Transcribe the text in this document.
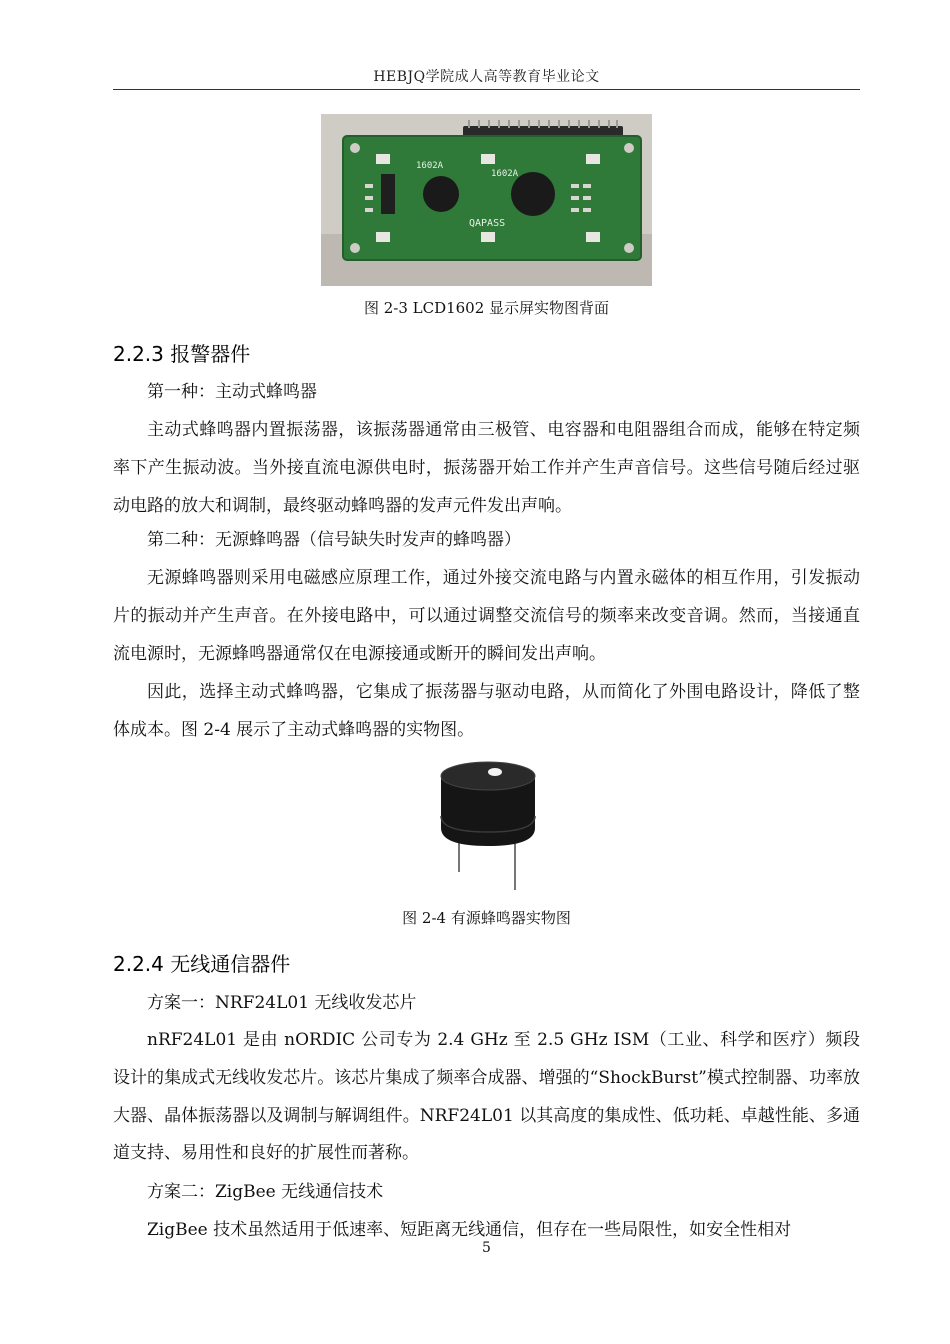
HEBJQ学院成人高等教育毕业论文
1602A
1602A
QAPASS
图 2-3 LCD1602 显示屏实物图背面
2.2.3 报警器件

第一种：主动式蜂鸣器

主动式蜂鸣器内置振荡器，该振荡器通常由三极管、电容器和电阻器组合而成，能够在特定频率下产生振动波。当外接直流电源供电时，振荡器开始工作并产生声音信号。这些信号随后经过驱动电路的放大和调制，最终驱动蜂鸣器的发声元件发出声响。

第二种：无源蜂鸣器（信号缺失时发声的蜂鸣器）

无源蜂鸣器则采用电磁感应原理工作，通过外接交流电路与内置永磁体的相互作用，引发振动片的振动并产生声音。在外接电路中，可以通过调整交流信号的频率来改变音调。然而，当接通直流电源时，无源蜂鸣器通常仅在电源接通或断开的瞬间发出声响。

因此，选择主动式蜂鸣器，它集成了振荡器与驱动电路，从而简化了外围电路设计，降低了整体成本。图 2-4 展示了主动式蜂鸣器的实物图。

图 2-4 有源蜂鸣器实物图
2.2.4 无线通信器件

方案一：NRF24L01 无线收发芯片

nRF24L01 是由 nORDIC 公司专为 2.4 GHz 至 2.5 GHz ISM（工业、科学和医疗）频段设计的集成式无线收发芯片。该芯片集成了频率合成器、增强的“ShockBurst”模式控制器、功率放大器、晶体振荡器以及调制与解调组件。NRF24L01 以其高度的集成性、低功耗、卓越性能、多通道支持、易用性和良好的扩展性而著称。

方案二：ZigBee 无线通信技术

ZigBee 技术虽然适用于低速率、短距离无线通信，但存在一些局限性，如安全性相对

5
